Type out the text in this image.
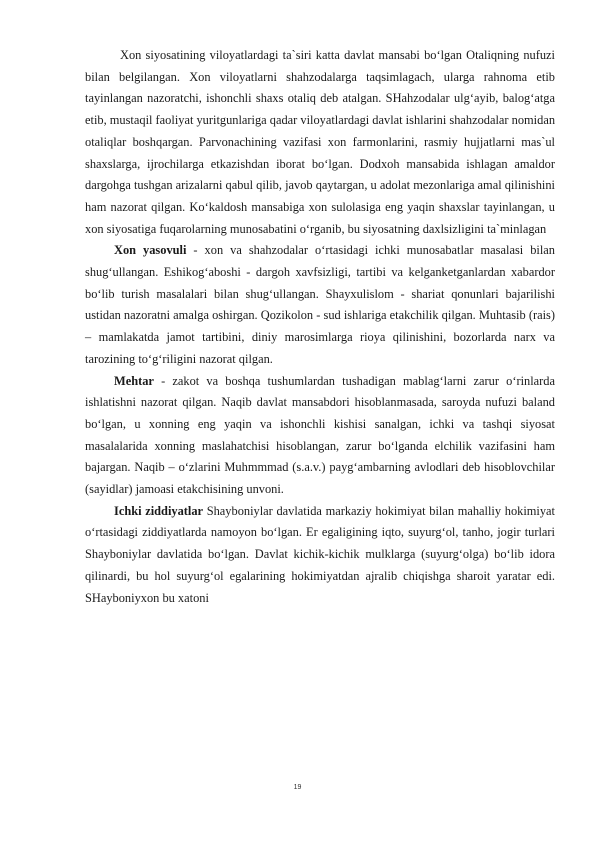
Xon siyosatining viloyatlardagi ta`siri katta davlat mansabi bo‘lgan Otaliqning nufuzi bilan belgilangan. Xon viloyatlarni shahzodalarga taqsimlagach, ularga rahnoma etib tayinlangan nazoratchi, ishonchli shaxs otaliq deb atalgan. SHahzodalar ulg‘ayib, balog‘atga etib, mustaqil faoliyat yuritgunlariga qadar viloyatlardagi davlat ishlarini shahzodalar nomidan otaliqlar boshqargan. Parvonachining vazifasi xon farmonlarini, rasmiy hujjatlarni mas`ul shaxslarga, ijrochilarga etkazishdan iborat bo‘lgan. Dodxoh mansabida ishlagan amaldor dargohga tushgan arizalarni qabul qilib, javob qaytargan, u adolat mezonlariga amal qilinishini ham nazorat qilgan. Ko‘kaldosh mansabiga xon sulolasiga eng yaqin shaxslar tayinlangan, u xon siyosatiga fuqarolarning munosabatini o‘rganib, bu siyosatning daxlsizligini ta`minlagan

Xon yasovuli - xon va shahzodalar o‘rtasidagi ichki munosabatlar masalasi bilan shug‘ullangan. Eshikog‘aboshi - dargoh xavfsizligi, tartibi va kelganketganlardan xabardor bo‘lib turish masalalari bilan shug‘ullangan. Shayxulislom - shariat qonunlari bajarilishi ustidan nazoratni amalga oshirgan. Qozikolon - sud ishlariga etakchilik qilgan. Muhtasib (rais) – mamlakatda jamot tartibini, diniy marosimlarga rioya qilinishini, bozorlarda narx va tarozining to‘g‘riligini nazorat qilgan.

Mehtar - zakot va boshqa tushumlardan tushadigan mablag‘larni zarur o‘rinlarda ishlatishni nazorat qilgan. Naqib davlat mansabdori hisoblanmasada, saroyda nufuzi baland bo‘lgan, u xonning eng yaqin va ishonchli kishisi sanalgan, ichki va tashqi siyosat masalalarida xonning maslahatchisi hisoblangan, zarur bo‘lganda elchilik vazifasini ham bajargan. Naqib – o‘zlarini Muhmmmad (s.a.v.) payg‘ambarning avlodlari deb hisoblovchilar (sayidlar) jamoasi etakchisining unvoni.

Ichki ziddiyatlar Shayboniylar davlatida markaziy hokimiyat bilan mahalliy hokimiyat o‘rtasidagi ziddiyatlarda namoyon bo‘lgan. Er egaligining iqto, suyurg‘ol, tanho, jogir turlari Shayboniylar davlatida bo‘lgan. Davlat kichik-kichik mulklarga (suyurg‘olga) bo‘lib idora qilinardi, bu hol suyurg‘ol egalarining hokimiyatdan ajralib chiqishga sharoit yaratar edi. SHayboniyxon bu xatoni

19
